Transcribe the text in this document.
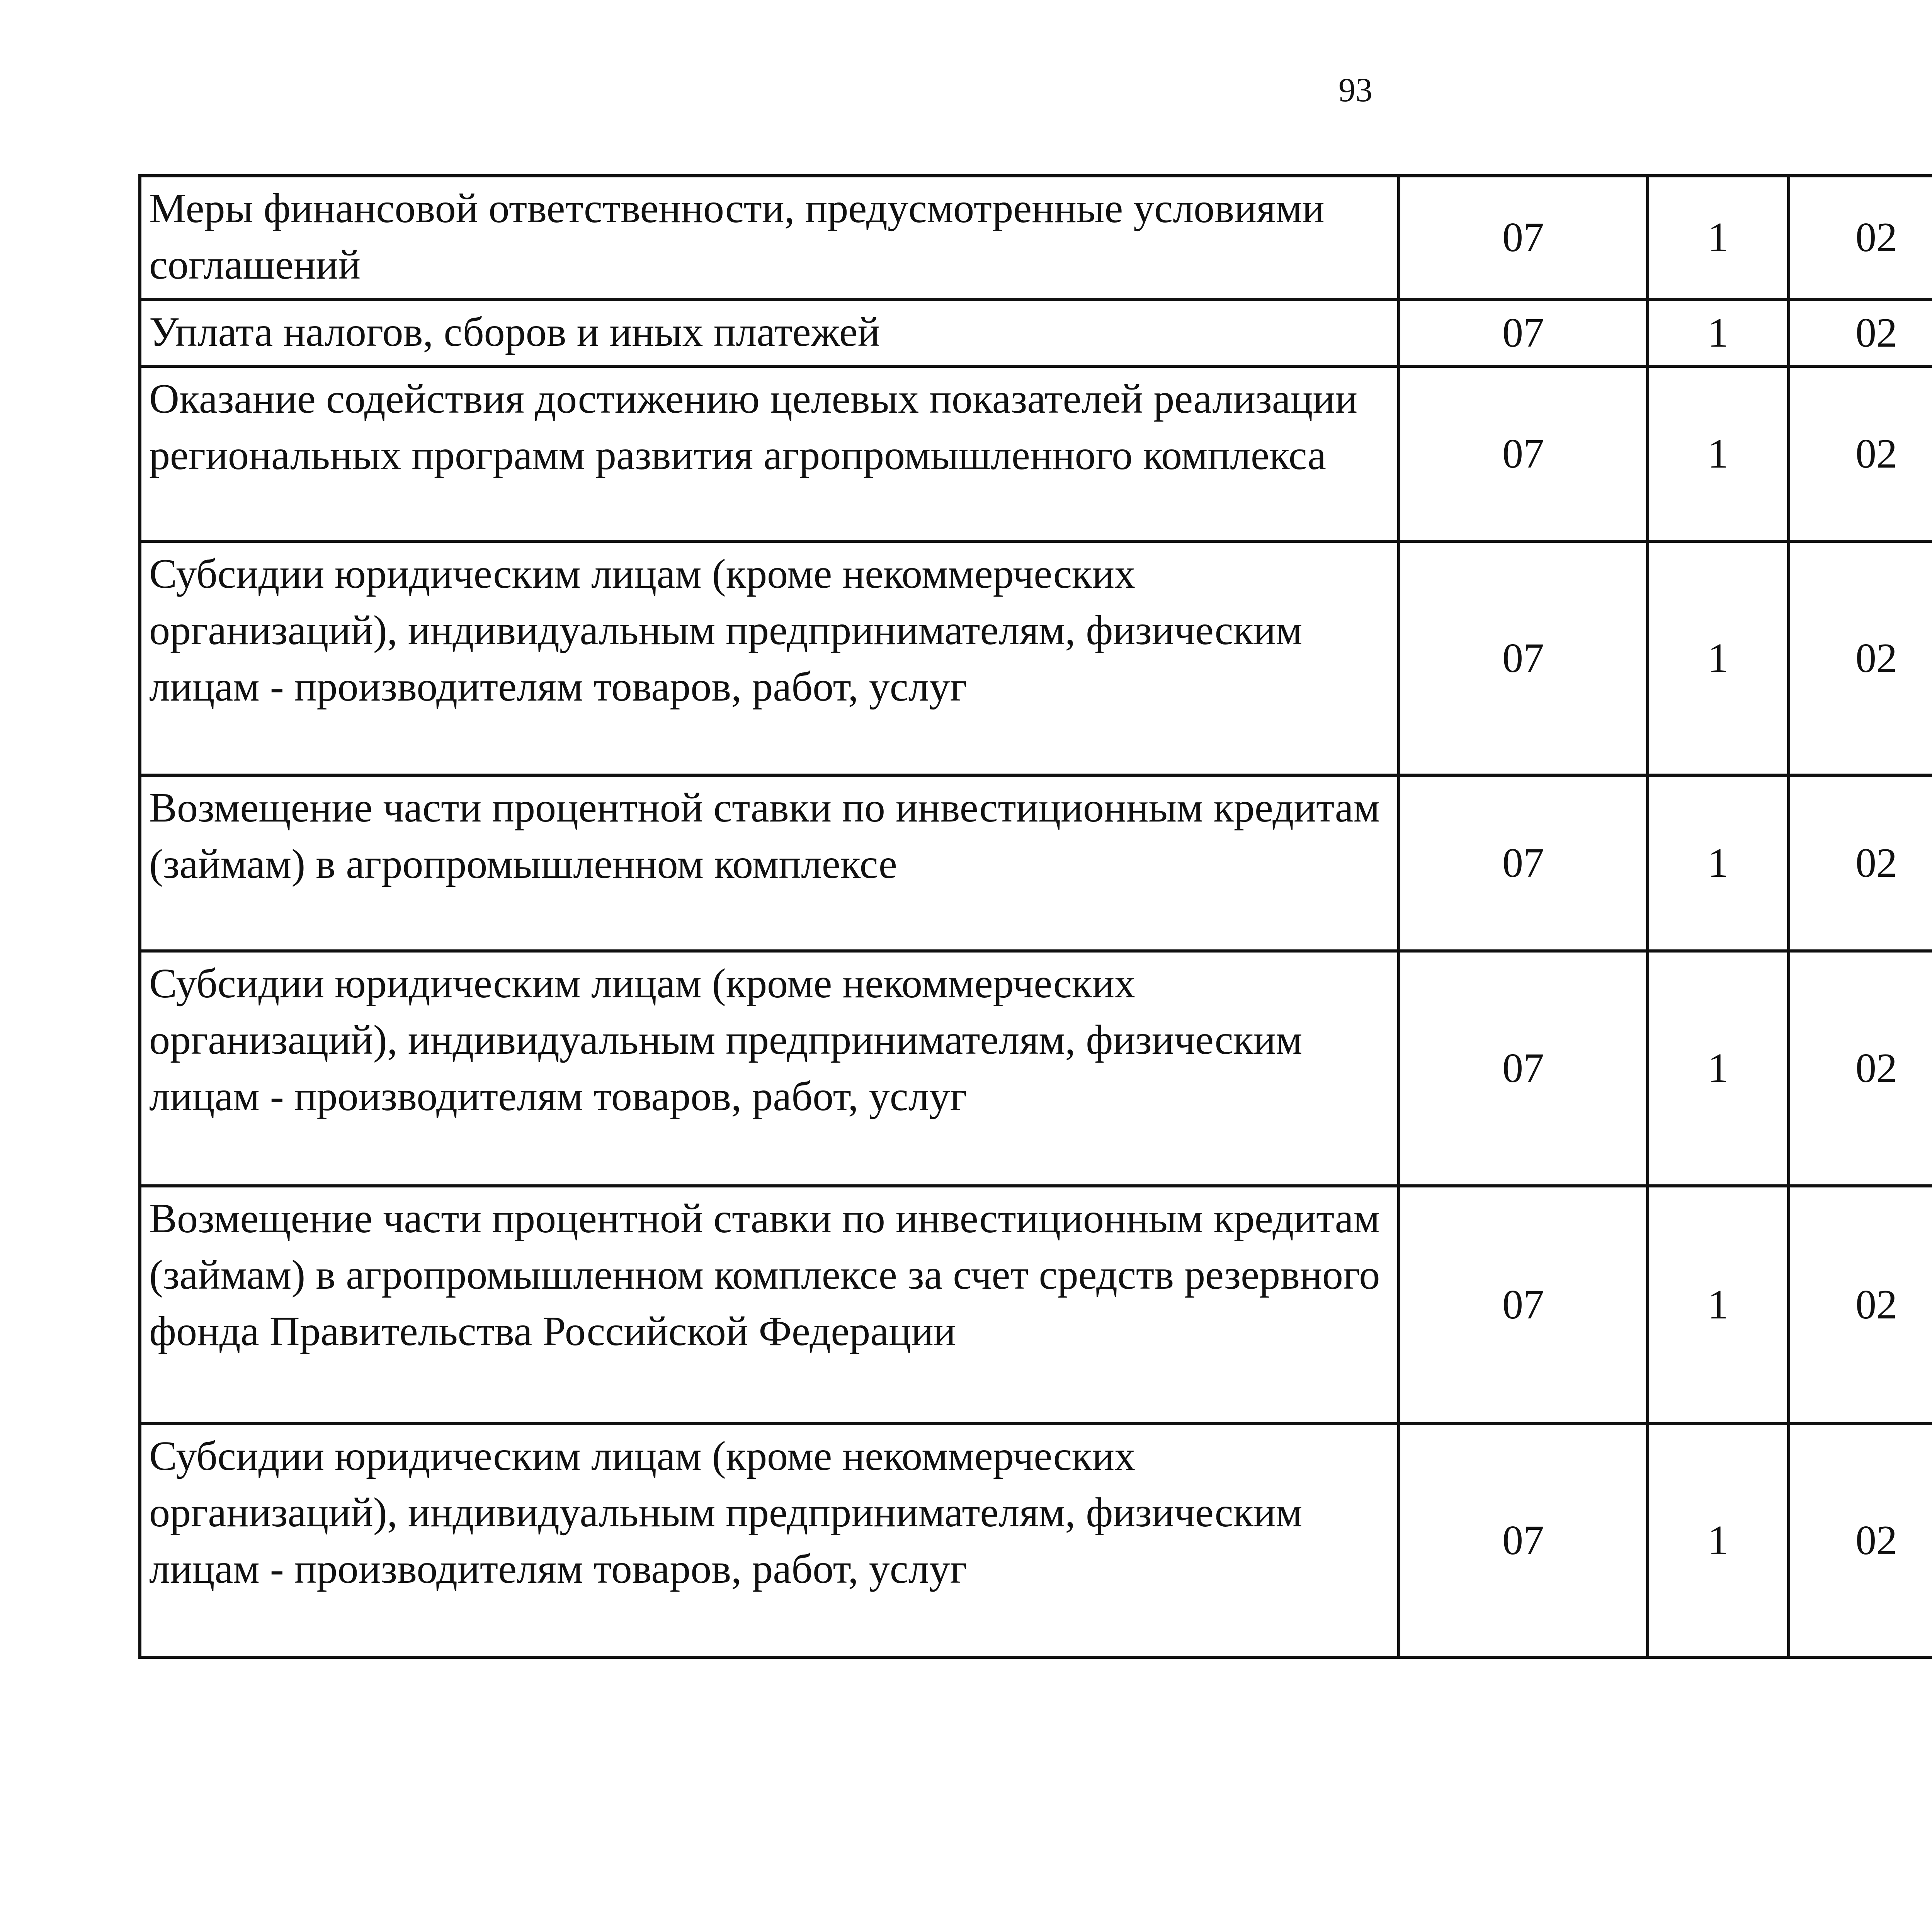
93
Меры финансовой ответственности, предусмотренные условиями соглашений	07	1	02			
Уплата налогов, сборов и иных платежей	07	1	02			
Оказание содействия достижению целевых показателей реализации региональных программ развития агропромышленного комплекса	07	1	02			
Субсидии юридическим лицам (кроме некоммерческих организаций), индивидуальным предпринимателям, физическим лицам - производителям товаров, работ, услуг	07	1	02			
Возмещение части процентной ставки по инвестиционным кредитам (займам) в агропромышленном комплексе	07	1	02			
Субсидии юридическим лицам (кроме некоммерческих организаций), индивидуальным предпринимателям, физическим лицам - производителям товаров, работ, услуг	07	1	02			
Возмещение части процентной ставки по инвестиционным кредитам (займам) в агропромышленном комплексе за счет средств резервного фонда Правительства Российской Федерации	07	1	02			
Субсидии юридическим лицам (кроме некоммерческих организаций), индивидуальным предпринимателям, физическим лицам - производителям товаров, работ, услуг	07	1	02			
